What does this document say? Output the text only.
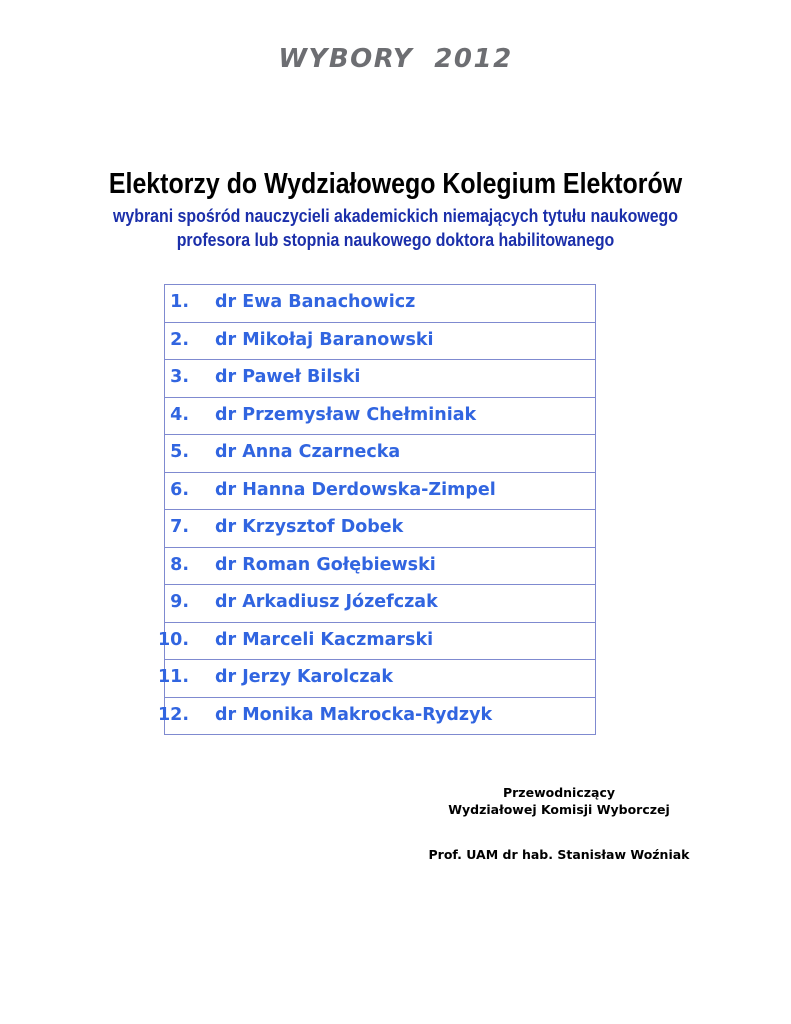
WYBORY  2012
Elektorzy do Wydziałowego Kolegium Elektorów
wybrani spośród nauczycieli akademickich niemających tytułu naukowego
profesora lub stopnia naukowego doktora habilitowanego
1. dr Ewa Banachowicz

2. dr Mikołaj Baranowski

3. dr Paweł Bilski

4. dr Przemysław Chełminiak

5. dr Anna Czarnecka

6. dr Hanna Derdowska-Zimpel

7. dr Krzysztof Dobek

8. dr Roman Gołębiewski

9. dr Arkadiusz Józefczak

10. dr Marceli Kaczmarski

11. dr Jerzy Karolczak

12. dr Monika Makrocka-Rydzyk
Przewodniczący
Wydziałowej Komisji Wyborczej
Prof. UAM dr hab. Stanisław Woźniak
